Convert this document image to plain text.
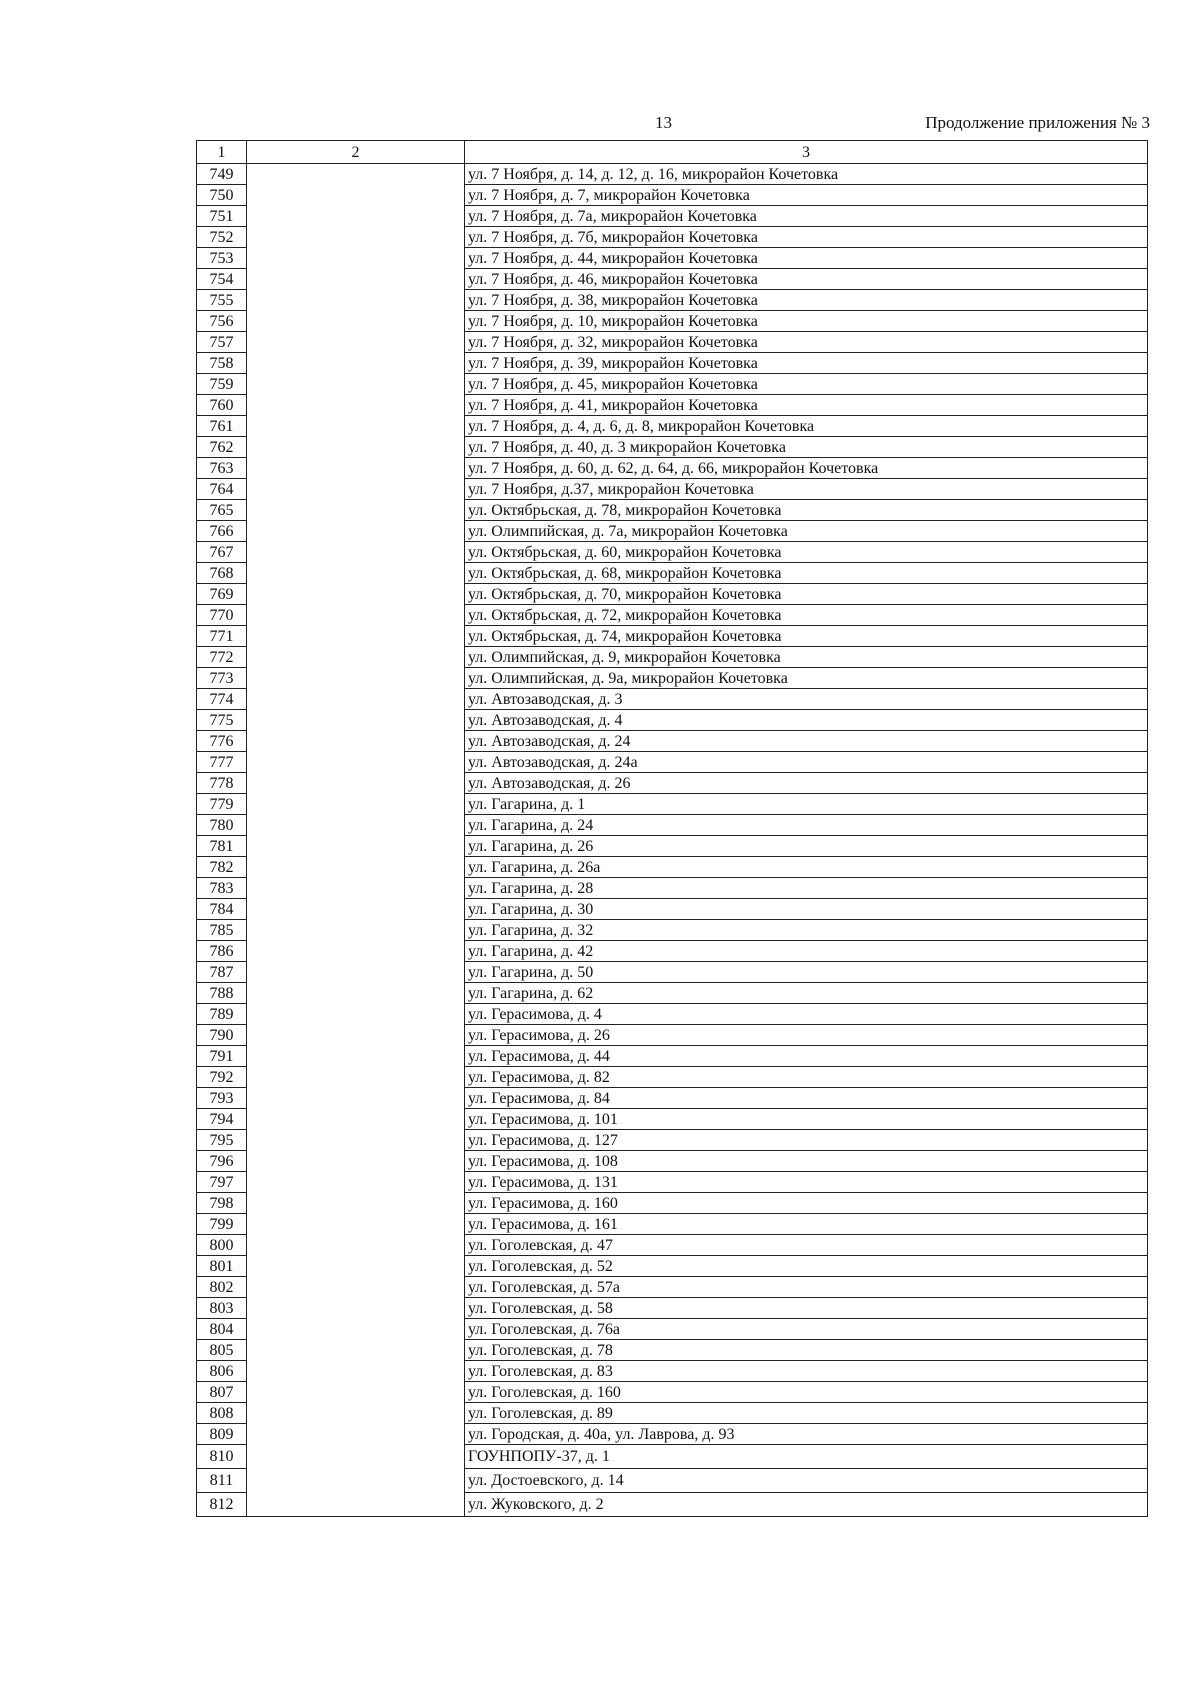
13	Продолжение приложения № 3
1	2	3
749		ул. 7 Ноября, д. 14, д. 12, д. 16, микрорайон Кочетовка
750		ул. 7 Ноября, д. 7, микрорайон Кочетовка
751		ул. 7 Ноября, д. 7а, микрорайон Кочетовка
752		ул. 7 Ноября, д. 7б, микрорайон Кочетовка
753		ул. 7 Ноября, д. 44, микрорайон Кочетовка
754		ул. 7 Ноября, д. 46, микрорайон Кочетовка
755		ул. 7 Ноября, д. 38, микрорайон Кочетовка
756		ул. 7 Ноября, д. 10, микрорайон Кочетовка
757		ул. 7 Ноября, д. 32, микрорайон Кочетовка
758		ул. 7 Ноября, д. 39, микрорайон Кочетовка
759		ул. 7 Ноября, д. 45, микрорайон Кочетовка
760		ул. 7 Ноября, д. 41, микрорайон Кочетовка
761		ул. 7 Ноября, д. 4, д. 6, д. 8, микрорайон Кочетовка
762		ул. 7 Ноября, д. 40, д. 3 микрорайон Кочетовка
763		ул. 7 Ноября, д. 60, д. 62, д. 64, д. 66, микрорайон Кочетовка
764		ул. 7 Ноября, д.37, микрорайон Кочетовка
765		ул. Октябрьская, д. 78, микрорайон Кочетовка
766		ул. Олимпийская, д. 7а, микрорайон Кочетовка
767		ул. Октябрьская, д. 60, микрорайон Кочетовка
768		ул. Октябрьская, д. 68, микрорайон Кочетовка
769		ул. Октябрьская, д. 70, микрорайон Кочетовка
770		ул. Октябрьская, д. 72, микрорайон Кочетовка
771		ул. Октябрьская, д. 74, микрорайон Кочетовка
772		ул. Олимпийская, д. 9, микрорайон Кочетовка
773		ул. Олимпийская, д. 9а, микрорайон Кочетовка
774		ул. Автозаводская, д. 3
775		ул. Автозаводская, д. 4
776		ул. Автозаводская, д. 24
777		ул. Автозаводская, д. 24а
778		ул. Автозаводская, д. 26
779		ул. Гагарина, д. 1
780		ул. Гагарина, д. 24
781		ул. Гагарина, д. 26
782		ул. Гагарина, д. 26а
783		ул. Гагарина, д. 28
784		ул. Гагарина, д. 30
785		ул. Гагарина, д. 32
786		ул. Гагарина, д. 42
787		ул. Гагарина, д. 50
788		ул. Гагарина, д. 62
789		ул. Герасимова, д. 4
790		ул. Герасимова, д. 26
791		ул. Герасимова, д. 44
792		ул. Герасимова, д. 82
793		ул. Герасимова, д. 84
794		ул. Герасимова, д. 101
795		ул. Герасимова, д. 127
796		ул. Герасимова, д. 108
797		ул. Герасимова, д. 131
798		ул. Герасимова, д. 160
799		ул. Герасимова, д. 161
800		ул. Гоголевская, д. 47
801		ул. Гоголевская, д. 52
802		ул. Гоголевская, д. 57а
803		ул. Гоголевская, д. 58
804		ул. Гоголевская, д. 76а
805		ул. Гоголевская, д. 78
806		ул. Гоголевская, д. 83
807		ул. Гоголевская, д. 160
808		ул. Гоголевская, д. 89
809		ул. Городская, д. 40а, ул. Лаврова, д. 93
810		ГОУНПОПУ-37, д. 1
811		ул. Достоевского, д. 14
812		ул. Жуковского, д. 2
